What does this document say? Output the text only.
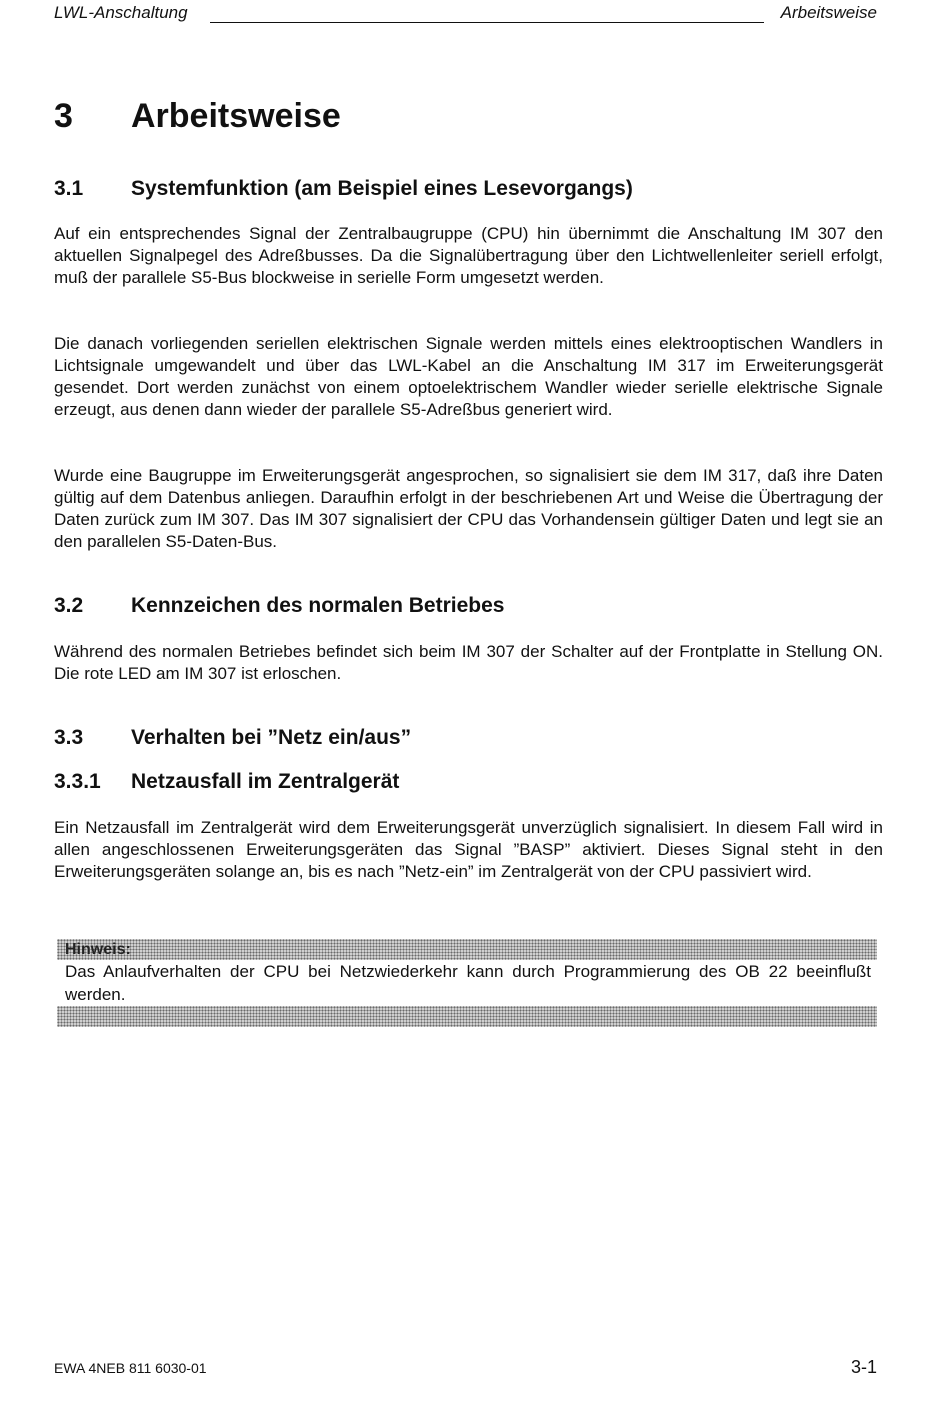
LWL-Anschaltung	Arbeitsweise
3 Arbeitsweise
3.1 Systemfunktion (am Beispiel eines Lesevorgangs)

Auf ein entsprechendes Signal der Zentralbaugruppe (CPU) hin übernimmt die Anschaltung IM 307 den aktuellen Signalpegel des Adreßbusses. Da die Signalübertragung über den Lichtwellenleiter seriell erfolgt, muß der parallele S5-Bus blockweise in serielle Form umgesetzt werden.

Die danach vorliegenden seriellen elektrischen Signale werden mittels eines elektrooptischen Wandlers in Lichtsignale umgewandelt und über das LWL-Kabel an die Anschaltung IM 317 im Erweiterungsgerät gesendet. Dort werden zunächst von einem optoelektrischem Wandler wieder serielle elektrische Signale erzeugt, aus denen dann wieder der parallele S5-Adreßbus generiert wird.

Wurde eine Baugruppe im Erweiterungsgerät angesprochen, so signalisiert sie dem IM 317, daß ihre Daten gültig auf dem Datenbus anliegen. Daraufhin erfolgt in der beschriebenen Art und Weise die Übertragung der Daten zurück zum IM 307. Das IM 307 signalisiert der CPU das Vorhandensein gültiger Daten und legt sie an den parallelen S5-Daten-Bus.

3.2 Kennzeichen des normalen Betriebes

Während des normalen Betriebes befindet sich beim IM 307 der Schalter auf der Frontplatte in Stellung ON. Die rote LED am IM 307 ist erloschen.

3.3 Verhalten bei ”Netz ein/aus”
3.3.1 Netzausfall im Zentralgerät

Ein Netzausfall im Zentralgerät wird dem Erweiterungsgerät unverzüglich signalisiert. In diesem Fall wird in allen angeschlossenen Erweiterungsgeräten das Signal ”BASP” aktiviert. Dieses Signal steht in den Erweiterungsgeräten solange an, bis es nach ”Netz-ein” im Zentralgerät von der CPU passiviert wird.

Hinweis:

Das Anlaufverhalten der CPU bei Netzwiederkehr kann durch Programmierung des OB 22 beeinflußt werden.

EWA 4NEB 811 6030-01	3-1
